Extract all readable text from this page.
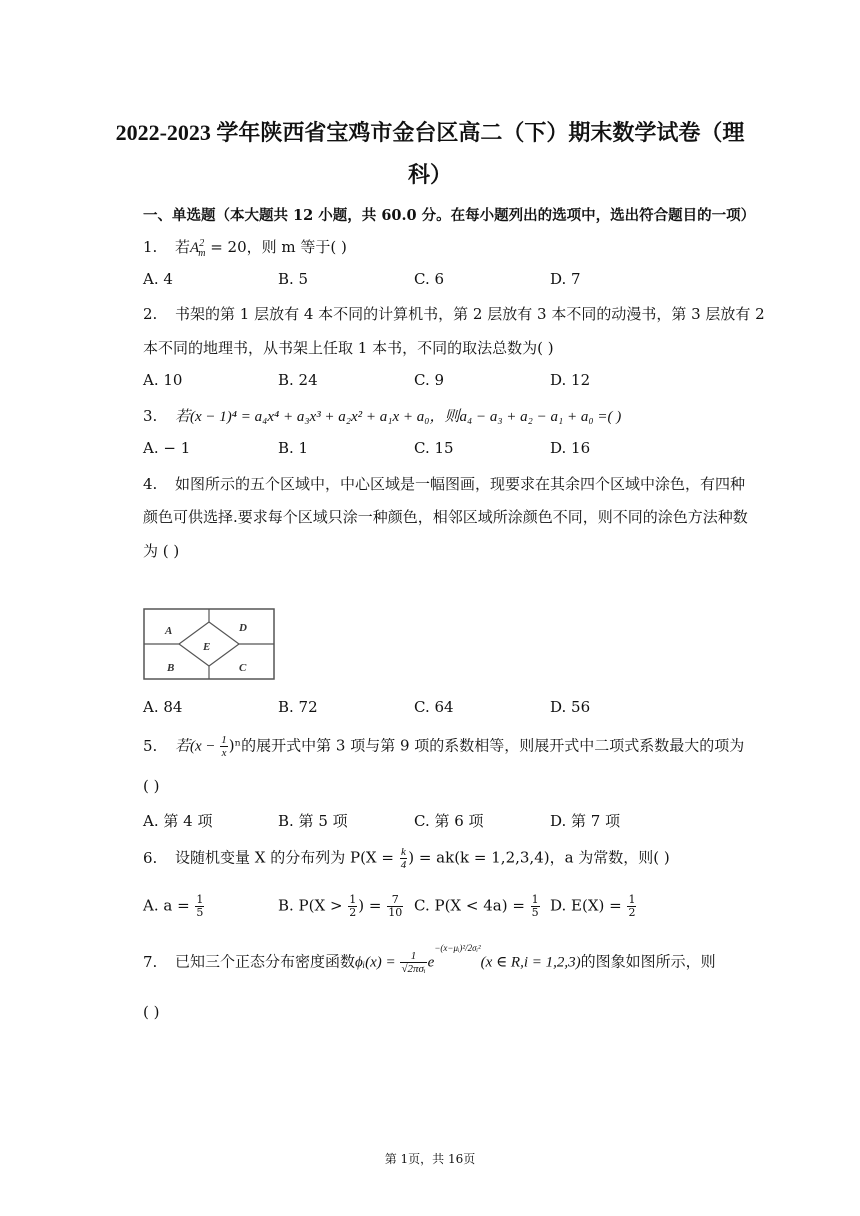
2022-2023 学年陕西省宝鸡市金台区高二（下）期末数学试卷（理
科）
一、单选题（本大题共 12 小题，共 60.0 分。在每小题列出的选项中，选出符合题目的一项）
1. 若$A^2_m = 20$，则 m 等于( )
A. 4	B. 5	C. 6	D. 7
2. 书架的第 1 层放有 4 本不同的计算机书，第 2 层放有 3 本不同的动漫书，第 3 层放有 2
本不同的地理书，从书架上任取 1 本书，不同的取法总数为( )
A. 10	B. 24	C. 9	D. 12
3. 若(x − 1)⁴ = a₄x⁴ + a₃x³ + a₂x² + a₁x + a₀，则a₄ − a₃ + a₂ − a₁ + a₀ =( )
A. − 1	B. 1	C. 15	D. 16
4. 如图所示的五个区域中，中心区域是一幅图画，现要求在其余四个区域中涂色，有四种
颜色可供选择.要求每个区域只涂一种颜色，相邻区域所涂颜色不同，则不同的涂色方法种数
为 ( )
A	D
E
B	C
A. 84	B. 72	C. 64	D. 56
5. 若$(x - \frac{1}{x} )^n$的展开式中第 3 项与第 9 项的系数相等，则展开式中二项式系数最大的项为
( )
A. 第 4 项	B. 第 5 项	C. 第 6 项	D. 第 7 项
6. 设随机变量 X 的分布列为 $P(X = \frac{k}{4}$ ) = ak(k = 1,2,3,4)，a 为常数，则( )
A. $a = \frac{1}{5}$	B. $P(X > \frac{1}{2}$ ) = $\frac{7}{10} C$. $P(X < 4a) = \frac{1}{5} D$. $E(X) = \frac{1}{2}$
7. 已知三个正态分布密度函数ϕᵢ(x) = $\frac{1}{\text{√2πσᵢ}} e^{-(x-\mu ᵢ)^2/2\sigma ᵢ^2}(x$ ∈ R,i = 1,2,3)的图象如图所示，则
( )
第 1页，共 16页
